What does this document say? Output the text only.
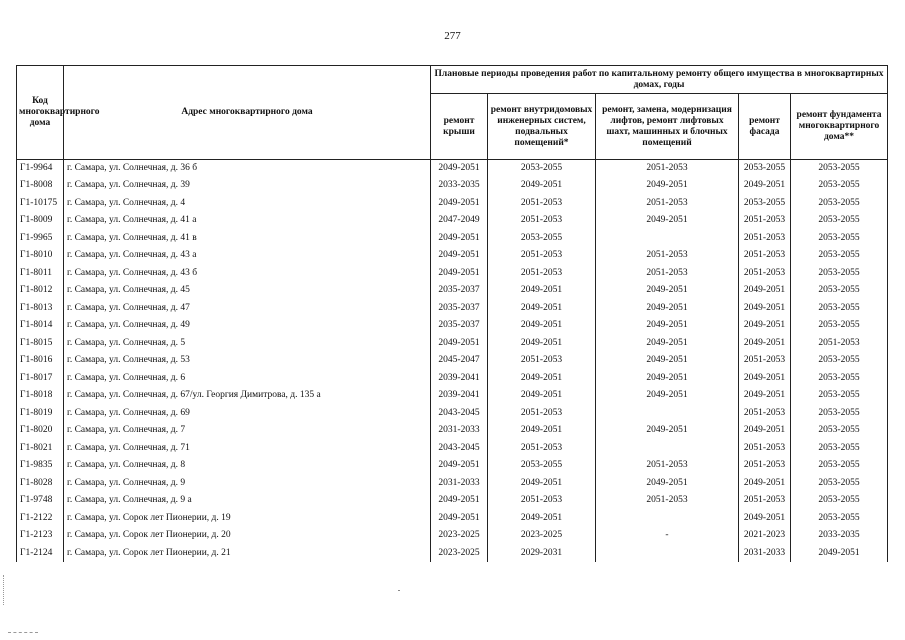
277
Код многоквартирного дома	Адрес многоквартирного дома	Плановые периоды проведения работ по капитальному ремонту общего имущества в многоквартирных домах, годы				
		ремонт крыши	ремонт внутридомовых инженерных систем, подвальных помещений*	ремонт, замена, модернизация лифтов, ремонт лифтовых шахт, машинных и блочных помещений	ремонт фасада	ремонт фундамента многоквартирного дома**
Г1-9964	г. Самара, ул. Солнечная, д. 36 б	2049-2051	2053-2055	2051-2053	2053-2055	2053-2055
Г1-8008	г. Самара, ул. Солнечная, д. 39	2033-2035	2049-2051	2049-2051	2049-2051	2053-2055
Г1-10175	г. Самара, ул. Солнечная, д. 4	2049-2051	2051-2053	2051-2053	2053-2055	2053-2055
Г1-8009	г. Самара, ул. Солнечная, д. 41 а	2047-2049	2051-2053	2049-2051	2051-2053	2053-2055
Г1-9965	г. Самара, ул. Солнечная, д. 41 в	2049-2051	2053-2055		2051-2053	2053-2055
Г1-8010	г. Самара, ул. Солнечная, д. 43 а	2049-2051	2051-2053	2051-2053	2051-2053	2053-2055
Г1-8011	г. Самара, ул. Солнечная, д. 43 б	2049-2051	2051-2053	2051-2053	2051-2053	2053-2055
Г1-8012	г. Самара, ул. Солнечная, д. 45	2035-2037	2049-2051	2049-2051	2049-2051	2053-2055
Г1-8013	г. Самара, ул. Солнечная, д. 47	2035-2037	2049-2051	2049-2051	2049-2051	2053-2055
Г1-8014	г. Самара, ул. Солнечная, д. 49	2035-2037	2049-2051	2049-2051	2049-2051	2053-2055
Г1-8015	г. Самара, ул. Солнечная, д. 5	2049-2051	2049-2051	2049-2051	2049-2051	2051-2053
Г1-8016	г. Самара, ул. Солнечная, д. 53	2045-2047	2051-2053	2049-2051	2051-2053	2053-2055
Г1-8017	г. Самара, ул. Солнечная, д. 6	2039-2041	2049-2051	2049-2051	2049-2051	2053-2055
Г1-8018	г. Самара, ул. Солнечная, д. 67/ул. Георгия Димитрова, д. 135 а	2039-2041	2049-2051	2049-2051	2049-2051	2053-2055
Г1-8019	г. Самара, ул. Солнечная, д. 69	2043-2045	2051-2053		2051-2053	2053-2055
Г1-8020	г. Самара, ул. Солнечная, д. 7	2031-2033	2049-2051	2049-2051	2049-2051	2053-2055
Г1-8021	г. Самара, ул. Солнечная, д. 71	2043-2045	2051-2053		2051-2053	2053-2055
Г1-9835	г. Самара, ул. Солнечная, д. 8	2049-2051	2053-2055	2051-2053	2051-2053	2053-2055
Г1-8028	г. Самара, ул. Солнечная, д. 9	2031-2033	2049-2051	2049-2051	2049-2051	2053-2055
Г1-9748	г. Самара, ул. Солнечная, д. 9 а	2049-2051	2051-2053	2051-2053	2051-2053	2053-2055
Г1-2122	г. Самара, ул. Сорок лет Пионерии, д. 19	2049-2051	2049-2051		2049-2051	2053-2055
Г1-2123	г. Самара, ул. Сорок лет Пионерии, д. 20	2023-2025	2023-2025	-	2021-2023	2033-2035
Г1-2124	г. Самара, ул. Сорок лет Пионерии, д. 21	2023-2025	2029-2031		2031-2033	2049-2051
